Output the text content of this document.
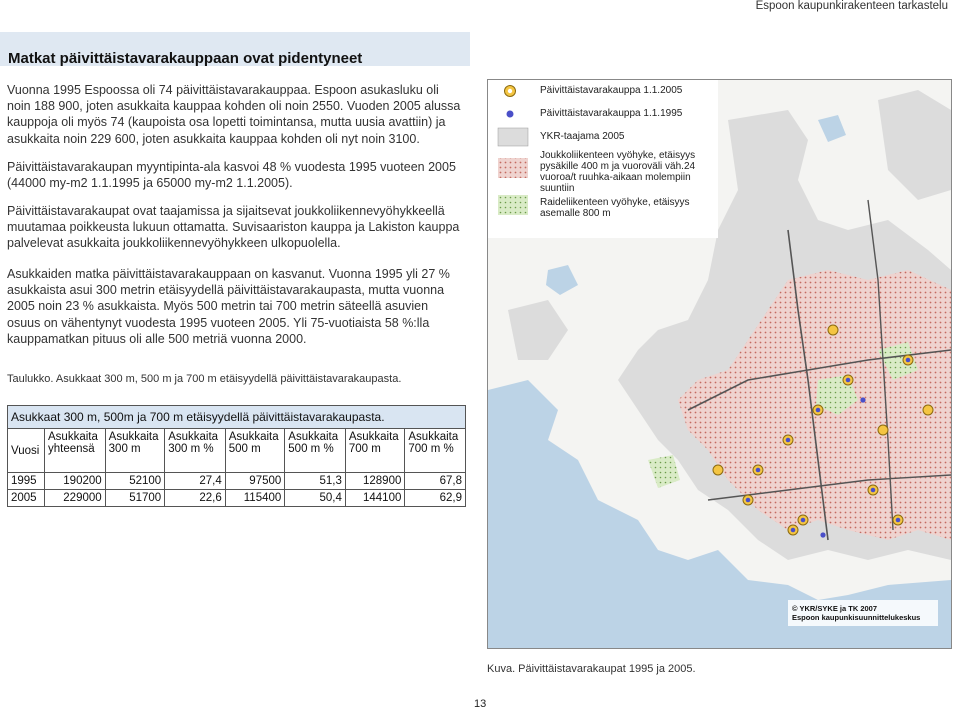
Espoon kaupunkirakenteen tarkastelu
Matkat päivittäistavarakauppaan ovat pidentyneet

Vuonna 1995 Espoossa oli 74 päivittäistavarakauppaa. Espoon asukasluku oli noin 188 900, joten asukkaita kauppaa kohden oli noin 2550. Vuoden 2005 alussa kauppoja oli myös 74 (kaupoista osa lopetti toimintansa, mutta uusia avattiin) ja asukkaita noin 229 600, joten asukkaita kauppaa kohden oli nyt noin 3100.

Päivittäistavarakaupan myyntipinta-ala kasvoi 48 % vuodesta 1995 vuoteen 2005 (44000 my-m2 1.1.1995 ja 65000 my-m2 1.1.2005).

Päivittäistavarakaupat ovat taajamissa ja sijaitsevat joukkoliikennevyöhykkeellä muutamaa poikkeusta lukuun ottamatta. Suvisaariston kauppa ja Lakiston kauppa palvelevat asukkaita joukkoliikennevyöhykkeen ulkopuolella.

Asukkaiden matka päivittäistavarakauppaan on kasvanut. Vuonna 1995 yli 27 % asukkaista asui 300 metrin etäisyydellä päivittäistavarakaupasta, mutta vuonna 2005 noin 23 % asukkaista. Myös 500 metrin tai 700 metrin säteellä asuvien osuus on vähentynyt vuodesta 1995 vuoteen 2005. Yli 75-vuotiaista 58 %:lla kauppamatkan pituus oli alle 500 metriä vuonna 2000.

Taulukko. Asukkaat 300 m, 500 m ja 700 m etäisyydellä päivittäistavarakaupasta.
Asukkaat 300 m, 500m ja 700 m etäisyydellä päivittäistavarakaupasta.							
Vuosi	Asukkaita yhteensä	Asukkaita 300 m	Asukkaita 300 m %	Asukkaita 500 m	Asukkaita 500 m %	Asukkaita 700 m	Asukkaita 700 m %
1995	190200	52100	27,4	97500	51,3	128900	67,8
2005	229000	51700	22,6	115400	50,4	144100	62,9
Päivittäistavarakauppa 1.1.2005
Päivittäistavarakauppa 1.1.1995
YKR-taajama 2005
Joukkoliikenteen vyöhyke, etäisyys pysäkille 400 m ja vuoroväli väh.24 vuoroa/t ruuhka-aikaan molempiin suuntiin
Raideliikenteen vyöhyke, etäisyys asemalle 800 m
© YKR/SYKE ja TK 2007
Espoon kaupunkisuunnittelukeskus
Kuva. Päivittäistavarakaupat 1995 ja 2005.
13
